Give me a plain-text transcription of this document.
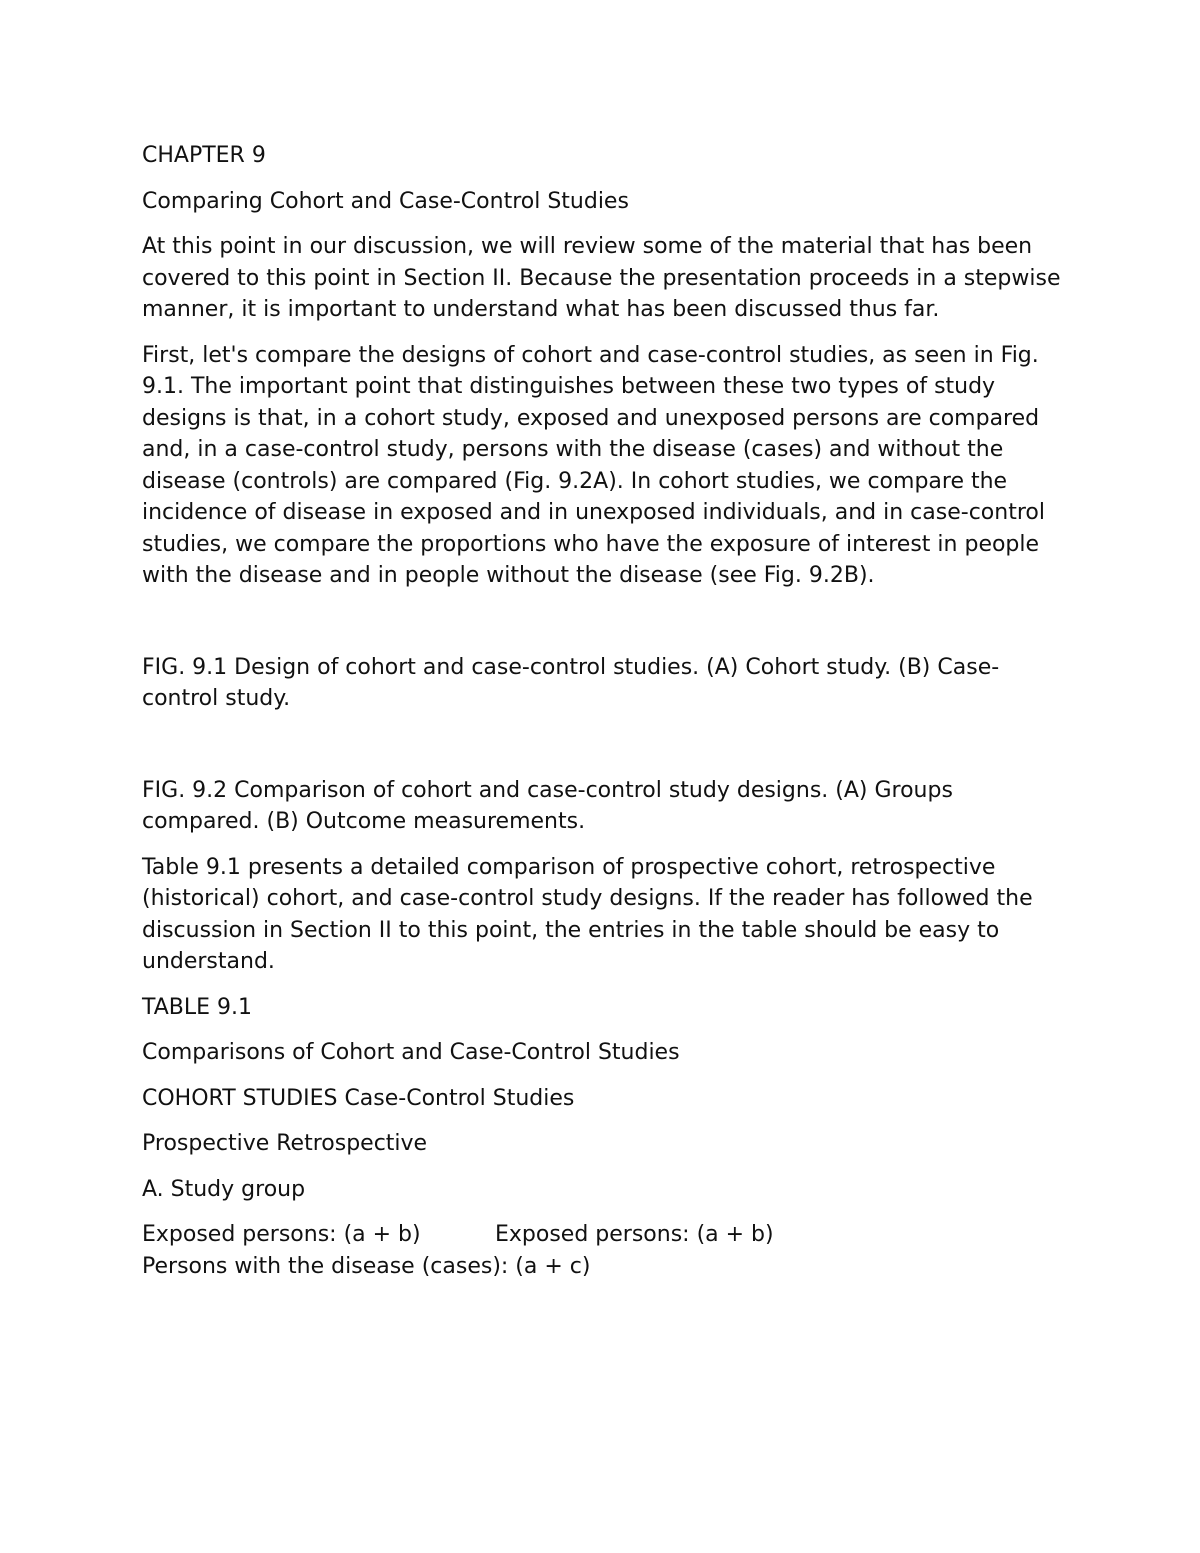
CHAPTER 9

Comparing Cohort and Case-Control Studies

At this point in our discussion, we will review some of the material that has been covered to this point in Section II. Because the presentation proceeds in a stepwise manner, it is important to understand what has been discussed thus far.

First, let's compare the designs of cohort and case-control studies, as seen in Fig. 9.1. The important point that distinguishes between these two types of study designs is that, in a cohort study, exposed and unexposed persons are compared and, in a case-control study, persons with the disease (cases) and without the disease (controls) are compared (Fig. 9.2A). In cohort studies, we compare the incidence of disease in exposed and in unexposed individuals, and in case-control studies, we compare the proportions who have the exposure of interest in people with the disease and in people without the disease (see Fig. 9.2B).

FIG. 9.1 Design of cohort and case-control studies. (A) Cohort study. (B) Case-control study.

FIG. 9.2 Comparison of cohort and case-control study designs. (A) Groups compared. (B) Outcome measurements.

Table 9.1 presents a detailed comparison of prospective cohort, retrospective (historical) cohort, and case-control study designs. If the reader has followed the discussion in Section II to this point, the entries in the table should be easy to understand.

TABLE 9.1

Comparisons of Cohort and Case-Control Studies

COHORT STUDIES Case-Control Studies

Prospective Retrospective

A. Study group

Exposed persons: (a + b)	Exposed persons: (a + b)
Persons with the disease (cases): (a + c)
